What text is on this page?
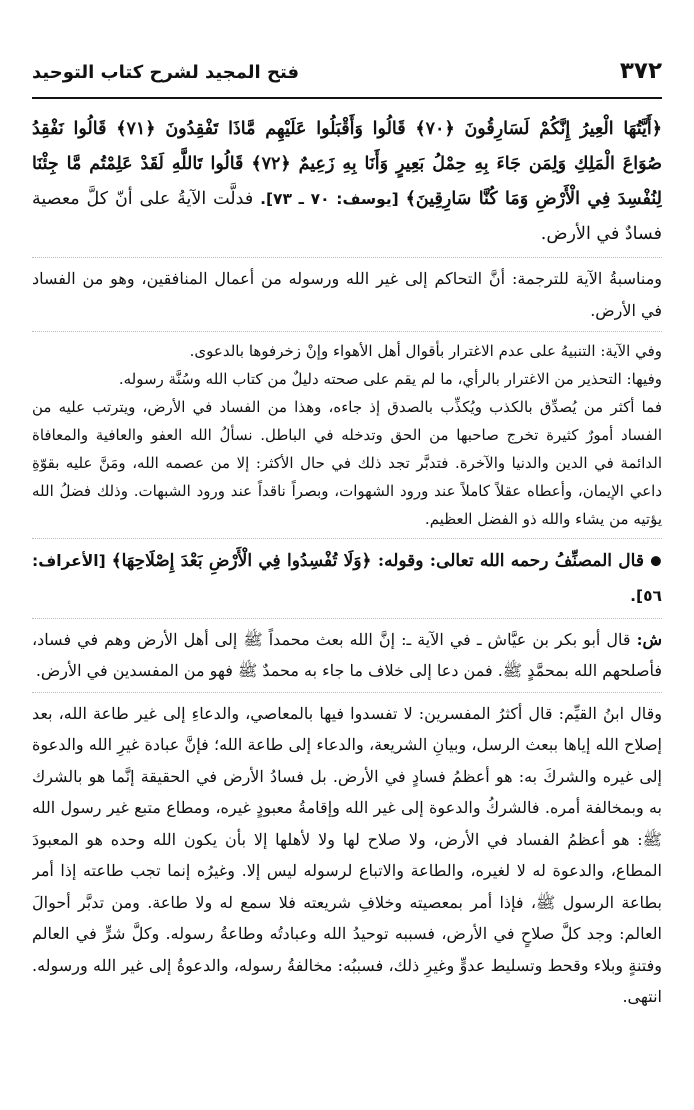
٣٧٢
فتح المجيد لشرح كتاب التوحيد

﴿أَيَّتُهَا الْعِيرُ إِنَّكُمْ لَسَارِقُونَ ﴿٧٠﴾ قَالُوا وَأَقْبَلُوا عَلَيْهِم مَّاذَا تَفْقِدُونَ ﴿٧١﴾ قَالُوا نَفْقِدُ صُوَاعَ الْمَلِكِ وَلِمَن جَاءَ بِهِ حِمْلُ بَعِيرٍ وَأَنَا بِهِ زَعِيمٌ ﴿٧٢﴾ قَالُوا تَاللَّهِ لَقَدْ عَلِمْتُم مَّا جِئْنَا لِنُفْسِدَ فِي الْأَرْضِ وَمَا كُنَّا سَارِقِينَ﴾ [يوسف: ٧٠ ـ ٧٣]. فدلَّت الآيةُ على أنّ كلَّ معصية فسادٌ في الأرض.

ومناسبةُ الآية للترجمة: أنَّ التحاكم إلى غير الله ورسوله من أعمال المنافقين، وهو من الفساد في الأرض.

وفي الآية: التنبيهُ على عدم الاغترار بأقوال أهل الأهواء وإنْ زخرفوها بالدعوى.
وفيها: التحذير من الاغترار بالرأي، ما لم يقم على صحته دليلٌ من كتاب الله وسُنَّة رسوله.
فما أكثر من يُصدِّق بالكذب ويُكذِّب بالصدق إذ جاءه، وهذا من الفساد في الأرض، ويترتب عليه من الفساد أمورٌ كثيرة تخرج صاحبها من الحق وتدخله في الباطل. نسألُ الله العفو والعافية والمعافاة الدائمة في الدين والدنيا والآخرة. فتدبَّر تجد ذلك في حال الأكثر: إلا من عصمه الله، ومَنَّ عليه بقوّةِ داعي الإيمان، وأعطاه عقلاً كاملاً عند ورود الشهوات، وبصراً ناقداً عند ورود الشبهات. وذلك فضلُ الله يؤتيه من يشاء والله ذو الفضل العظيم.

● قال المصنِّفُ رحمه الله تعالى: وقوله: ﴿وَلَا تُفْسِدُوا فِي الْأَرْضِ بَعْدَ إِصْلَاحِهَا﴾ [الأعراف: ٥٦].

ش: قال أبو بكر بن عيَّاش ـ في الآية ـ: إنَّ الله بعث محمداً ﷺ إلى أهل الأرض وهم في فساد، فأصلحهم الله بمحمَّدٍ ﷺ. فمن دعا إلى خلاف ما جاء به محمدٌ ﷺ فهو من المفسدين في الأرض.

وقال ابنُ القيِّم: قال أكثرُ المفسرين: لا تفسدوا فيها بالمعاصي، والدعاءِ إلى غير طاعة الله، بعد إصلاح الله إياها ببعث الرسل، وبيانِ الشريعة، والدعاء إلى طاعة الله؛ فإنَّ عبادة غيرِ الله والدعوة إلى غيره والشركَ به: هو أعظمُ فسادٍ في الأرض. بل فسادُ الأرض في الحقيقة إنَّما هو بالشرك به وبمخالفة أمره. فالشركُ والدعوة إلى غير الله وإقامةُ معبودٍ غيره، ومطاع متبع غير رسول الله ﷺ: هو أعظمُ الفساد في الأرض، ولا صلاح لها ولا لأهلها إلا بأن يكون الله وحده هو المعبودَ المطاع، والدعوة له لا لغيره، والطاعة والاتباع لرسوله ليس إلا. وغيرُه إنما تجب طاعته إذا أمر بطاعة الرسول ﷺ، فإذا أمر بمعصيته وخلافِ شريعته فلا سمع له ولا طاعة. ومن تدبَّر أحوالَ العالم: وجد كلَّ صلاحٍ في الأرض، فسببه توحيدُ الله وعبادتُه وطاعةُ رسوله. وكلَّ شرٍّ في العالم وفتنةٍ وبلاء وقحط وتسليط عدوٍّ وغيرِ ذلك، فسببُه: مخالفةُ رسوله، والدعوةُ إلى غير الله ورسوله. انتهى.
